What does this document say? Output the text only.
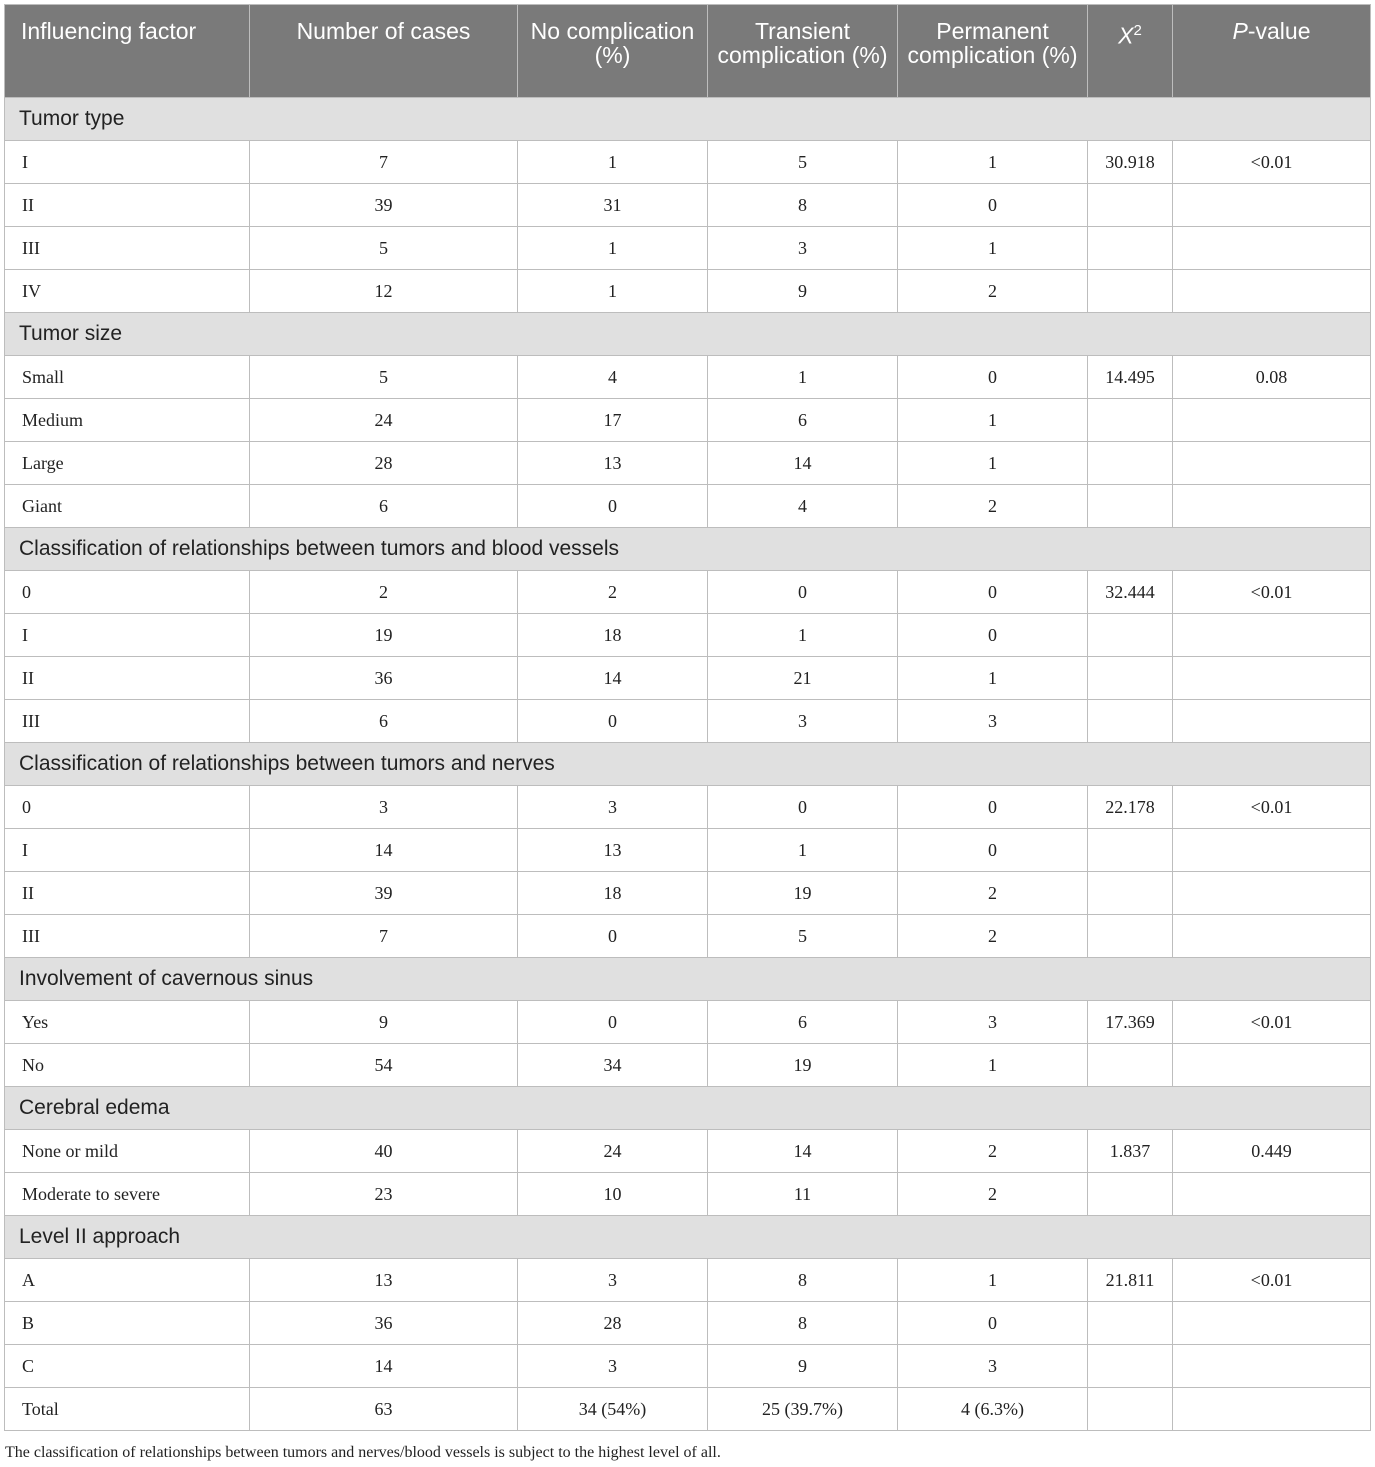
Influencing factor	Number of cases	No complication (%)	Transient complication (%)	Permanent complication (%)	$X^2$	P-value
Tumor type						
I	7	1	5	1	30.918	<0.01
II	39	31	8	0		
III	5	1	3	1		
IV	12	1	9	2		
Tumor size						
Small	5	4	1	0	14.495	0.08
Medium	24	17	6	1		
Large	28	13	14	1		
Giant	6	0	4	2		
Classification of relationships between tumors and blood vessels						
0	2	2	0	0	32.444	<0.01
I	19	18	1	0		
II	36	14	21	1		
III	6	0	3	3		
Classification of relationships between tumors and nerves						
0	3	3	0	0	22.178	<0.01
I	14	13	1	0		
II	39	18	19	2		
III	7	0	5	2		
Involvement of cavernous sinus						
Yes	9	0	6	3	17.369	<0.01
No	54	34	19	1		
Cerebral edema						
None or mild	40	24	14	2	1.837	0.449
Moderate to severe	23	10	11	2		
Level II approach						
A	13	3	8	1	21.811	<0.01
B	36	28	8	0		
C	14	3	9	3		
Total	63	34 (54%)	25 (39.7%)	4 (6.3%)		
The classification of relationships between tumors and nerves/blood vessels is subject to the highest level of all.
